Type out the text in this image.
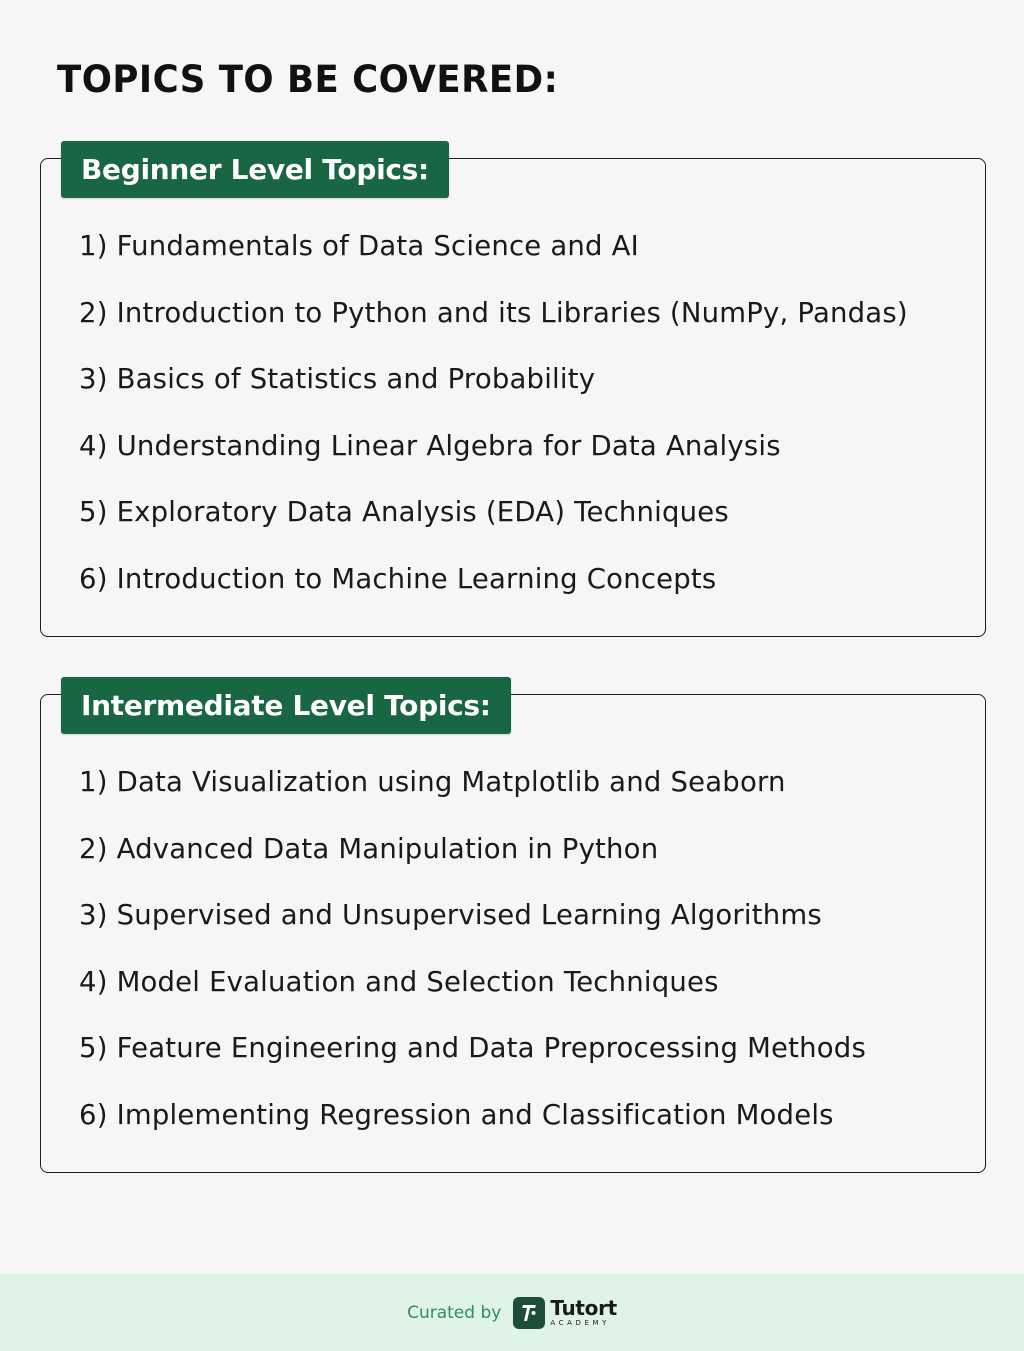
TOPICS TO BE COVERED:
Beginner Level Topics:
1) Fundamentals of Data Science and AI
2) Introduction to Python and its Libraries (NumPy, Pandas)
3) Basics of Statistics and Probability
4) Understanding Linear Algebra for Data Analysis
5) Exploratory Data Analysis (EDA) Techniques
6) Introduction to Machine Learning Concepts
Intermediate Level Topics:
1) Data Visualization using Matplotlib and Seaborn
2) Advanced Data Manipulation in Python
3) Supervised and Unsupervised Learning Algorithms
4) Model Evaluation and Selection Techniques
5) Feature Engineering and Data Preprocessing Methods
6) Implementing Regression and Classification Models
Curated by Tutort
ACADEMY
